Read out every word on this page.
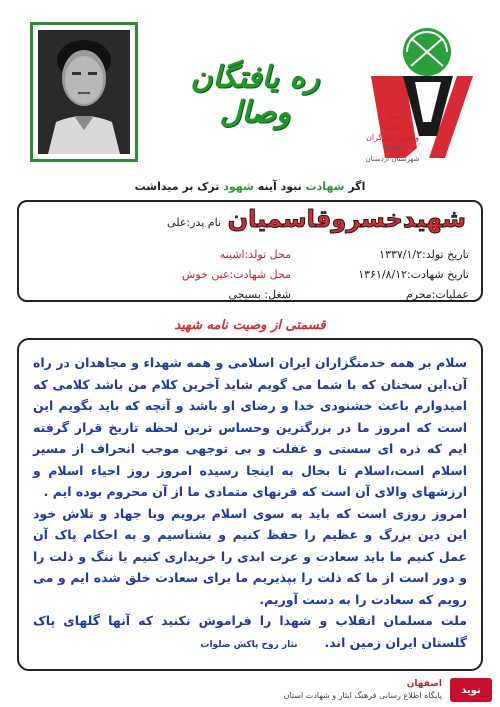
ره یافتگان وصال	بنیاد
شهید
و امور ایثارگران
۱۳۵۸
شهرستان اردستان
اگر شهادت نبود آینه شهود ترک بر میداشت
شهیدخسروقاسمیان
نام پدر:علی
تاریخ تولد:۱۳۳۷/۱/۲
محل تولد:اشینه
تاریخ شهادت:۱۳۶۱/۸/۱۲
محل شهادت:عین خوش
عملیات:محرم
شغل: بسیجی
قسمتی از وصیت نامه شهید

سلام بر همه خدمتگزاران ایران اسلامی و همه شهداء و مجاهدان در راه آن.این سخنان که با شما می گویم شاید آخرین کلام من باشد کلامی که امیدوارم باعث خشنودی خدا و رضای او باشد و آنچه که باید بگویم این است که امروز ما در بزرگترین وحساس ترین لحظه تاریخ قرار گرفته ایم که ذره ای سستی و غفلت و بی توجهی موجب انحراف از مسیر اسلام است،اسلام تا بحال به اینجا رسیده امروز روز احیاء اسلام و ارزشهای والای آن است که قرنهای متمادی ما از آن محروم بوده ایم .

امروز روزی است که باید به سوی اسلام برویم وبا جهاد و تلاش خود این دین بزرگ و عظیم را حفظ کنیم و بشناسیم و به احکام پاک آن عمل کنیم ما باید سعادت و عزت ابدی را خریداری کنیم یا ننگ و ذلت را و دور است از ما که ذلت را بپذیریم ما برای سعادت خلق شده ایم و می رویم که سعادت را به دست آوریم.

ملت مسلمان انقلاب و شهدا را فراموش نکنید که آنها گلهای پاک گلستان ایران زمین اند.

نثار روح پاکش صلوات
نوید
اصفهان
پایگاه اطلاع رسانی فرهنگ ایثار و شهادت استان
